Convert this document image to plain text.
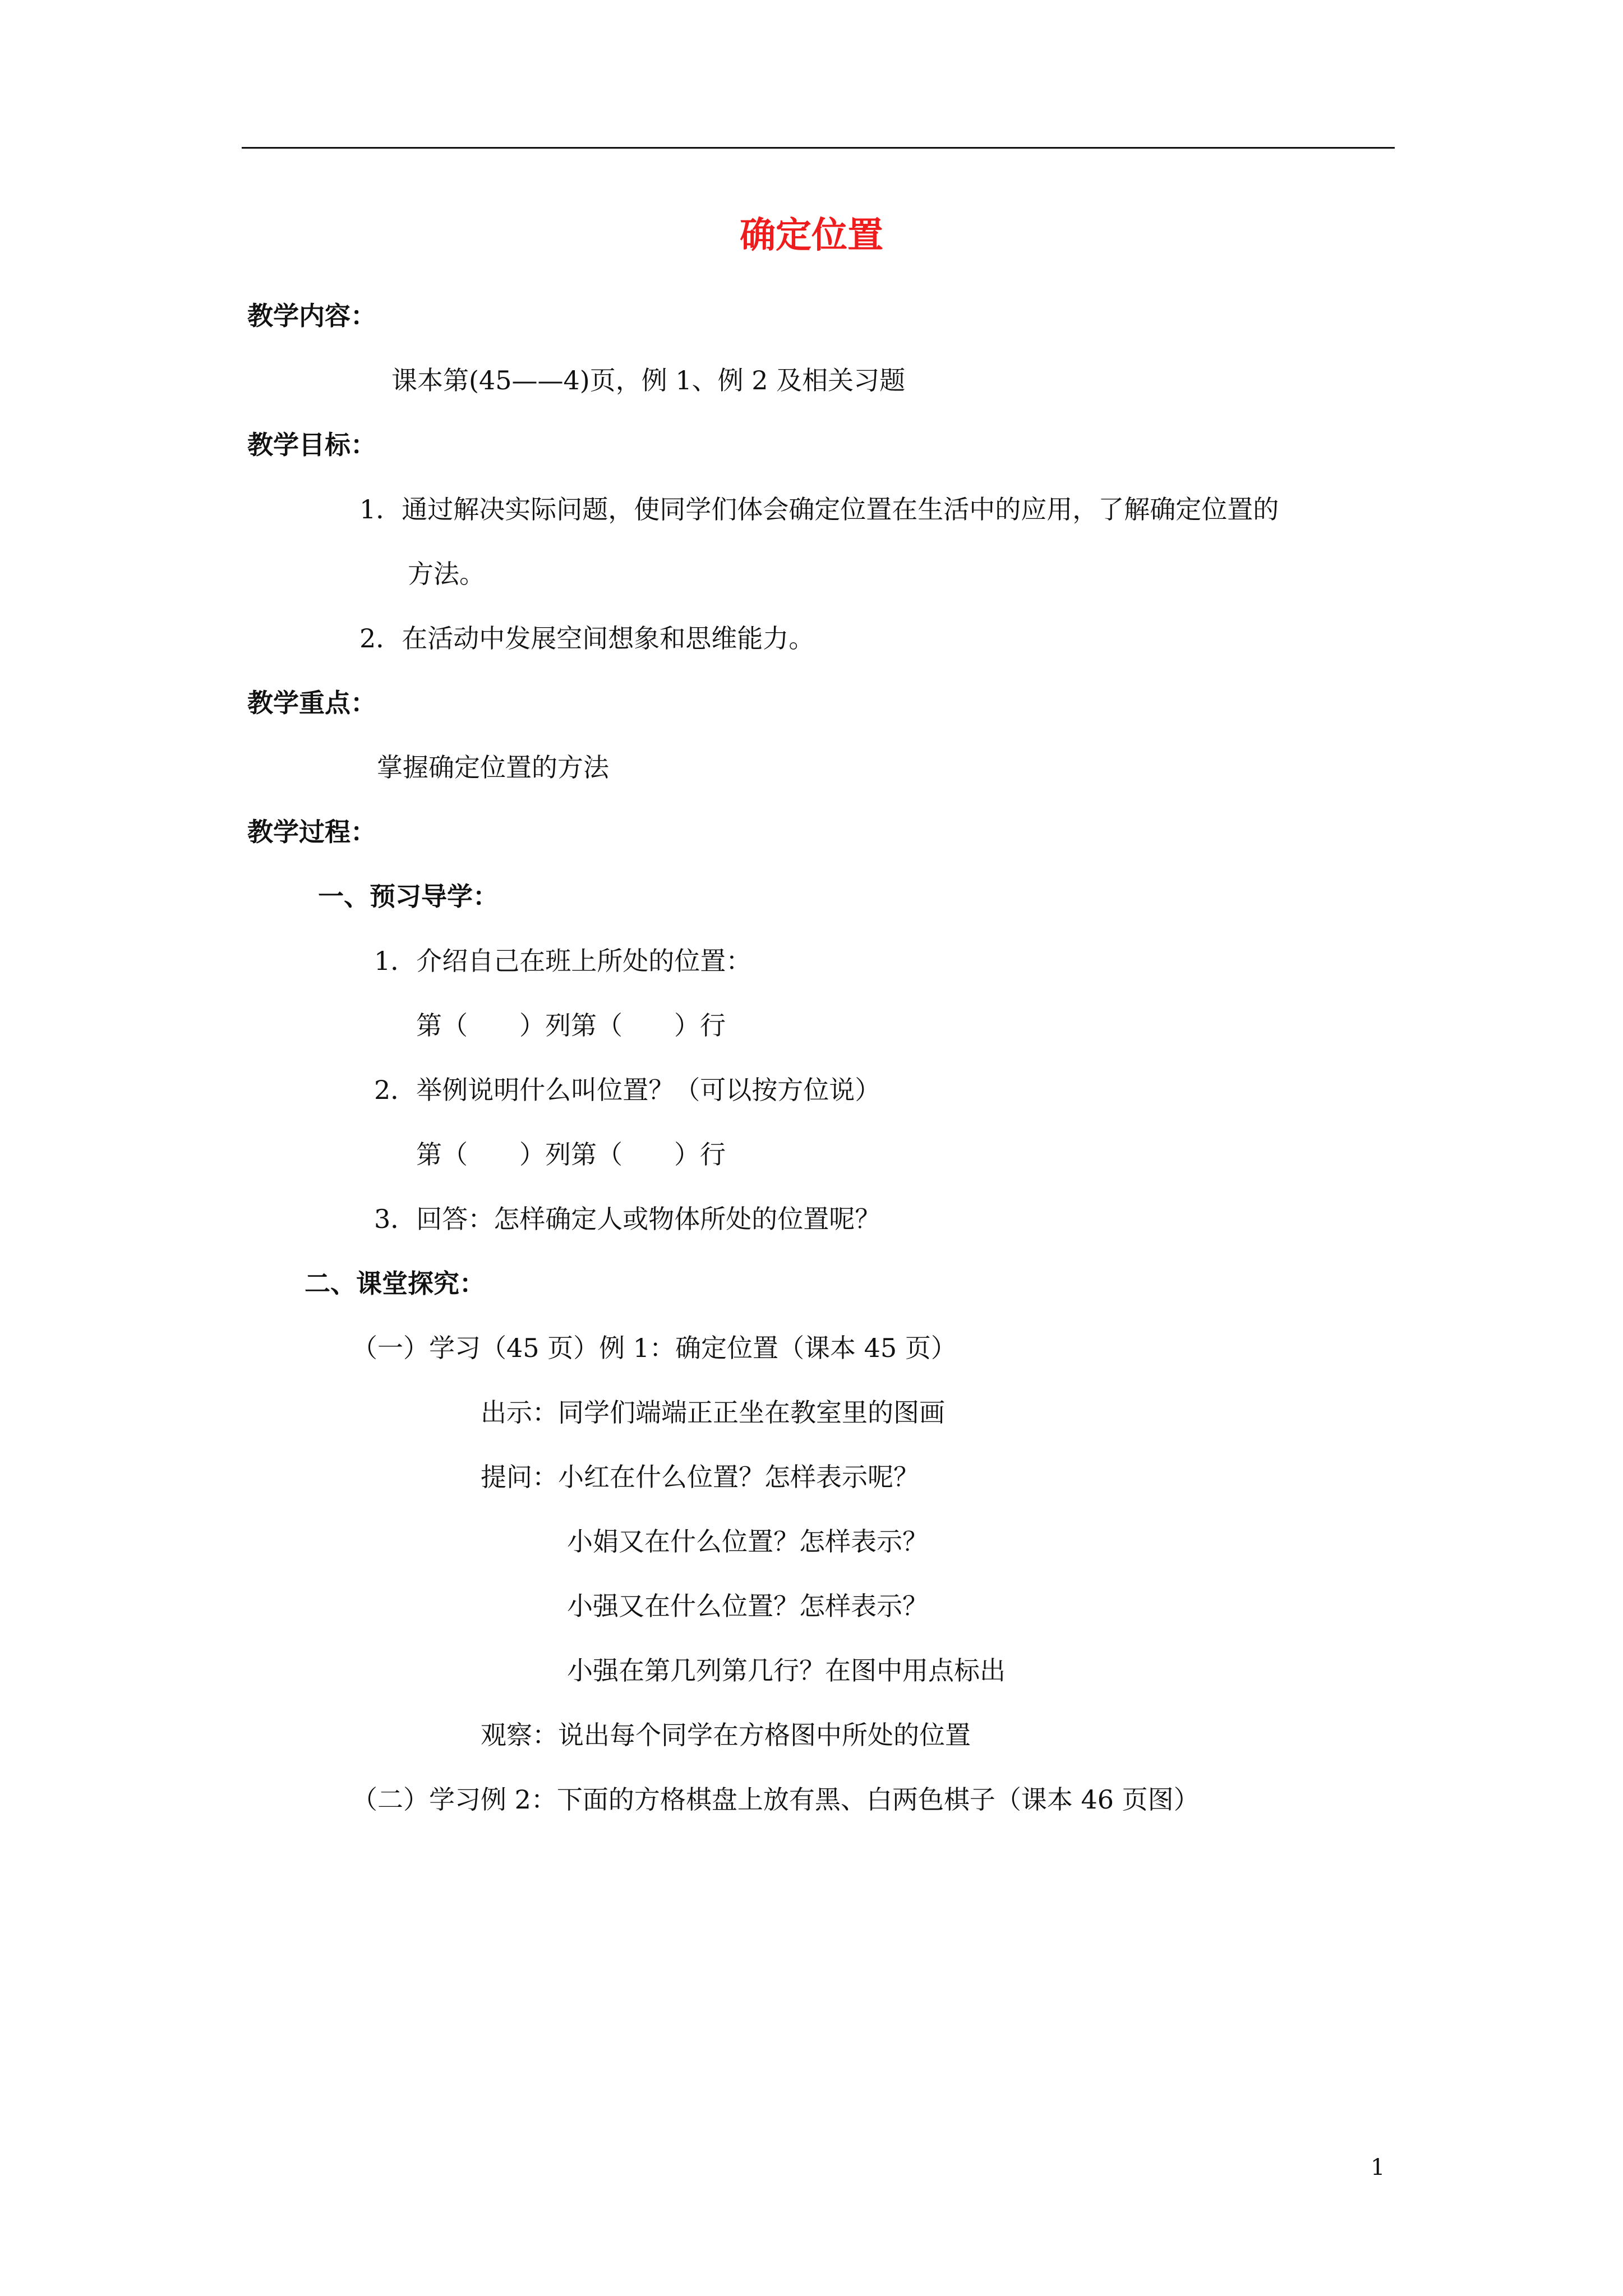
确定位置
教学内容：
课本第(45——4)页，例 1、例 2 及相关习题
教学目标：
1．通过解决实际问题，使同学们体会确定位置在生活中的应用，了解确定位置的
方法。
2．在活动中发展空间想象和思维能力。
教学重点：
掌握确定位置的方法
教学过程：
一、预习导学：
1．介绍自己在班上所处的位置：
第（　　）列第（　　）行
2．举例说明什么叫位置？（可以按方位说）
第（　　）列第（　　）行
3．回答：怎样确定人或物体所处的位置呢？
二、课堂探究：
（一）学习（45 页）例 1：确定位置（课本 45 页）
出示：同学们端端正正坐在教室里的图画
提问：小红在什么位置？怎样表示呢？
小娟又在什么位置？怎样表示？
小强又在什么位置？怎样表示？
小强在第几列第几行？在图中用点标出
观察：说出每个同学在方格图中所处的位置
（二）学习例 2：下面的方格棋盘上放有黑、白两色棋子（课本 46 页图）
1
